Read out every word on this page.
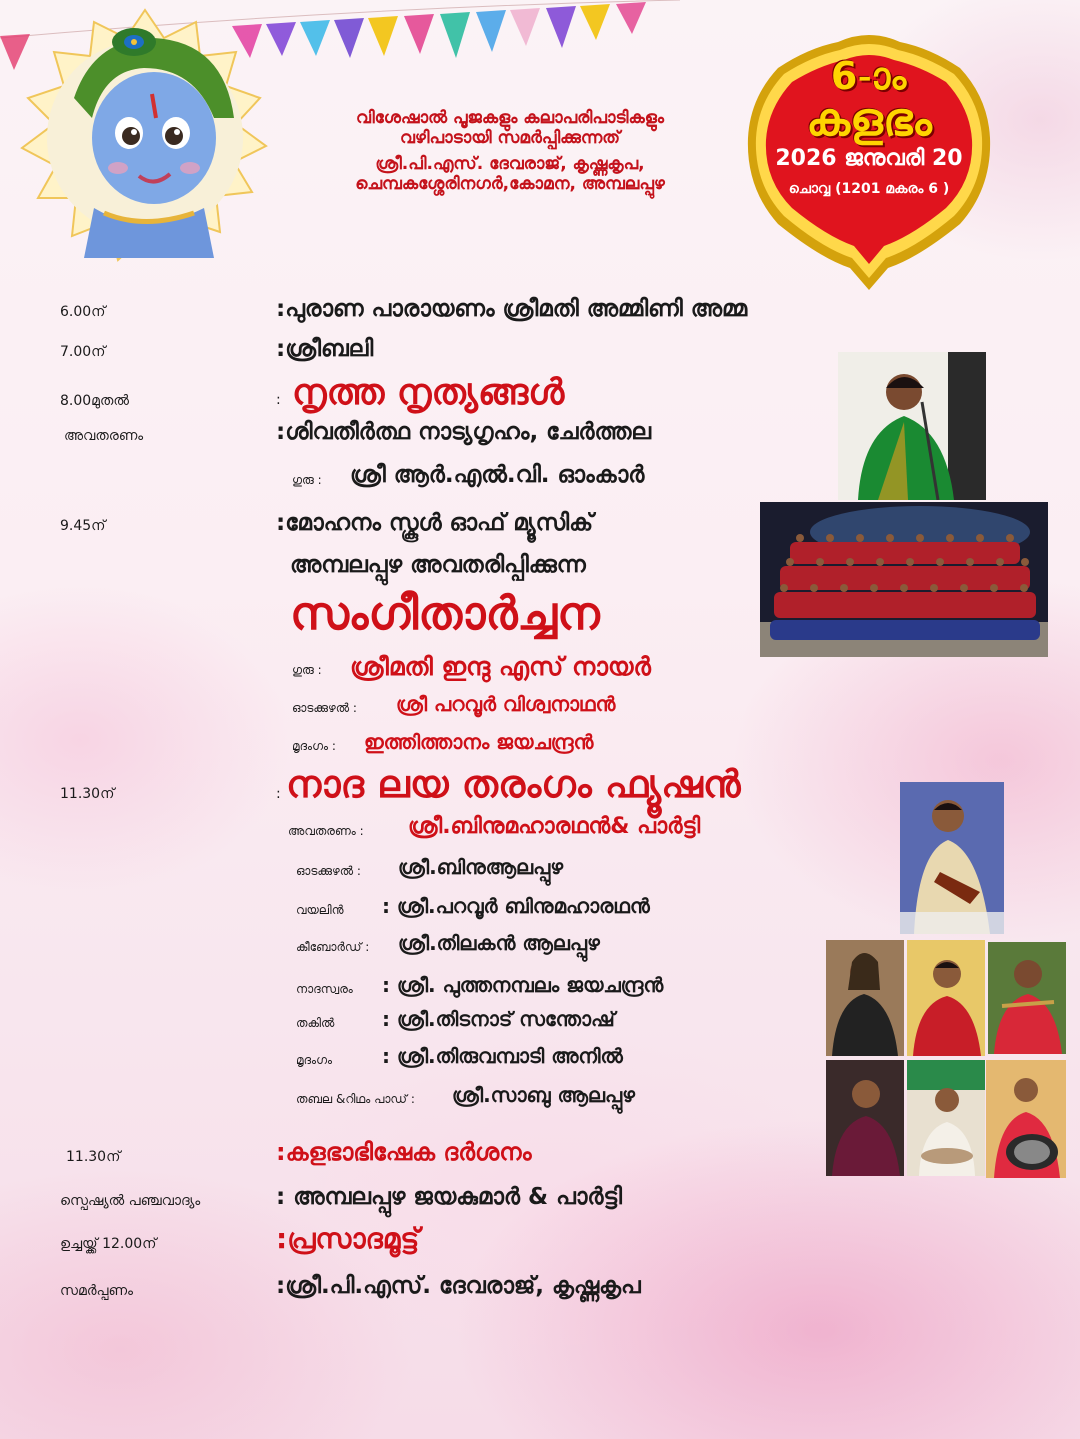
വിശേഷാൽ പൂജകളും കലാപരിപാടികളും
വഴിപാടായി സമർപ്പിക്കുന്നത്
ശ്രീ.പി.എസ്. ദേവരാജ്, കൃഷ്ണകൃപ,
ചെമ്പകശ്ശേരിനഗർ,കോമന, അമ്പലപ്പുഴ
6-ാം
കളഭം
2026 ജനുവരി 20
ചൊവ്വ (1201 മകരം 6 )
6.00ന്	:പുരാണ പാരായണം ശ്രീമതി അമ്മിണി അമ്മ
7.00ന്	:ശ്രീബലി
8.00മുതൽ	: നൃത്ത നൃത്യങ്ങൾ
അവതരണം	:ശിവതീർത്ഥ നാട്യഗൃഹം, ചേർത്തല
ഗുരു : ശ്രീ ആർ.എൽ.വി. ഓംകാർ
9.45ന്	:മോഹനം സ്കൂൾ ഓഫ് മ്യൂസിക്
അമ്പലപ്പുഴ അവതരിപ്പിക്കുന്ന
സംഗീതാർച്ചന
ഗുരു : ശ്രീമതി ഇന്ദു എസ് നായർ
ഓടക്കുഴൽ : ശ്രീ പറവൂർ വിശ്വനാഥൻ
മൃദംഗം : ഇത്തിത്താനം ജയചന്ദ്രൻ
11.30ന്	: നാദ ലയ തരംഗം ഫ്യൂഷൻ
അവതരണം : ശ്രീ.ബിനുമഹാരഥൻ& പാർട്ടി
ഓടക്കുഴൽ : ശ്രീ.ബിനുആലപ്പുഴ
വയലിൻ : ശ്രീ.പറവൂർ ബിനുമഹാരഥൻ
കീബോർഡ് : ശ്രീ.തിലകൻ ആലപ്പുഴ
നാദസ്വരം : ശ്രീ. പുത്തനമ്പലം ജയചന്ദ്രൻ
തകിൽ : ശ്രീ.തിടനാട് സന്തോഷ്
മൃദംഗം : ശ്രീ.തിരുവമ്പാടി അനിൽ
തബല &റിഥം പാഡ് : ശ്രീ.സാബു ആലപ്പുഴ
11.30ന്	:കളഭാഭിഷേക ദർശനം
സ്പെഷ്യൽ പഞ്ചവാദ്യം	: അമ്പലപ്പുഴ ജയകുമാർ & പാർട്ടി
ഉച്ചയ്ക്ക് 12.00ന്	:പ്രസാദമൂട്ട്
സമർപ്പണം	:ശ്രീ.പി.എസ്. ദേവരാജ്, കൃഷ്ണകൃപ
